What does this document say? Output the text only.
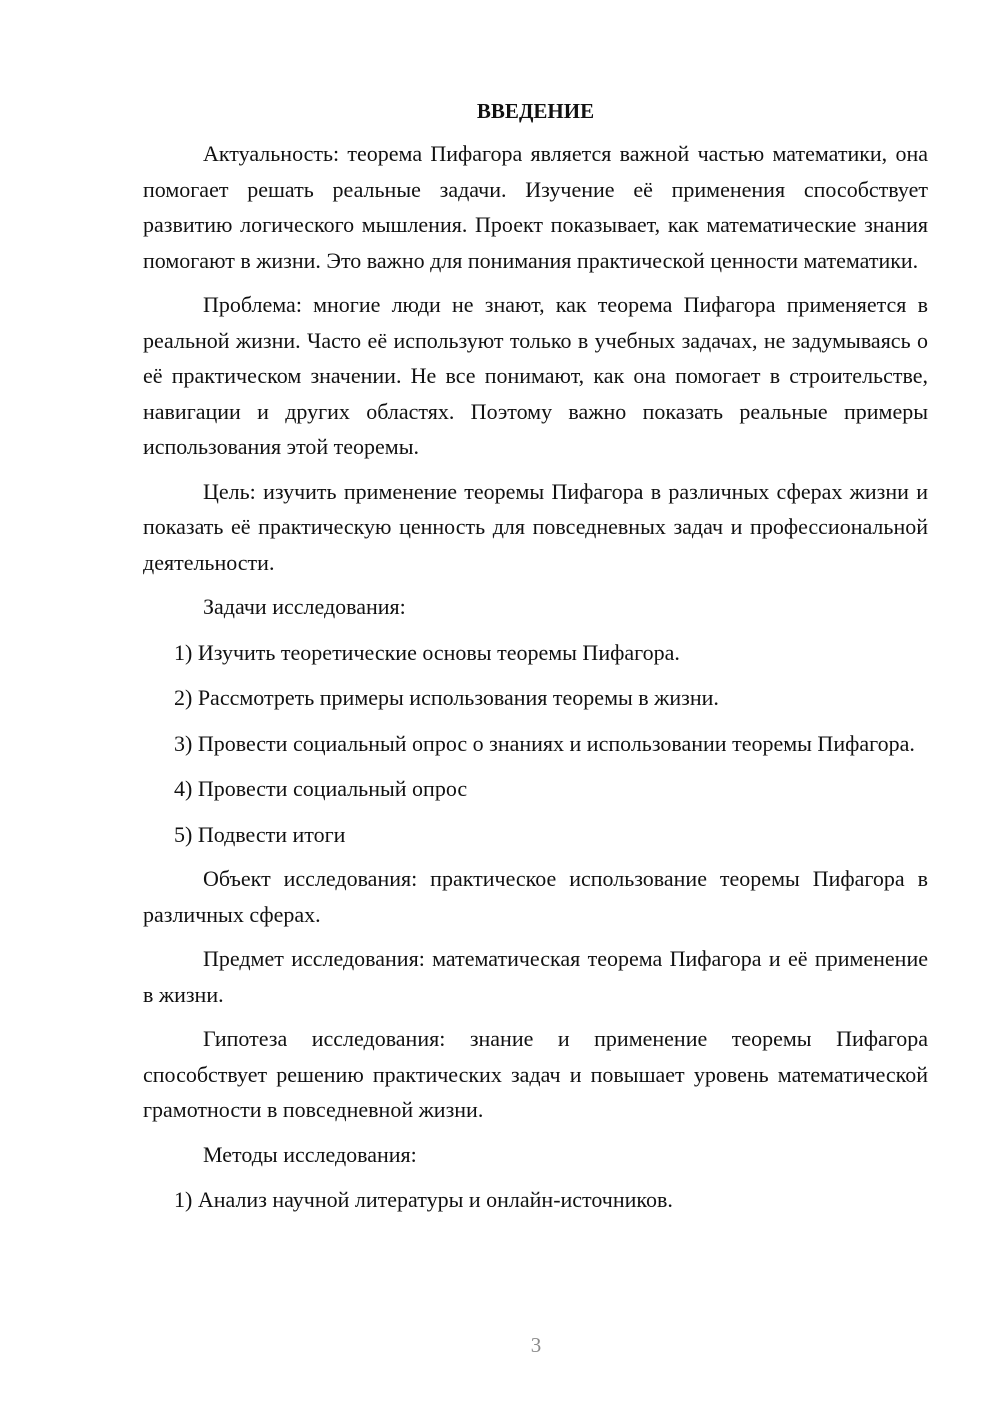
ВВЕДЕНИЕ

Актуальность: теорема Пифагора является важной частью математики, она помогает решать реальные задачи. Изучение её применения способствует развитию логического мышления. Проект показывает, как математические знания помогают в жизни. Это важно для понимания практической ценности математики.

Проблема: многие люди не знают, как теорема Пифагора применяется в реальной жизни. Часто её используют только в учебных задачах, не задумываясь о её практическом значении. Не все понимают, как она помогает в строительстве, навигации и других областях. Поэтому важно показать реальные примеры использования этой теоремы.

Цель: изучить применение теоремы Пифагора в различных сферах жизни и показать её практическую ценность для повседневных задач и профессиональной деятельности.

Задачи исследования:

1) Изучить теоретические основы теоремы Пифагора.

2) Рассмотреть примеры использования теоремы в жизни.

3) Провести социальный опрос о знаниях и использовании теоремы Пифагора.

4) Провести социальный опрос

5) Подвести итоги

Объект исследования: практическое использование теоремы Пифагора в различных сферах.

Предмет исследования: математическая теорема Пифагора и её применение в жизни.

Гипотеза исследования: знание и применение теоремы Пифагора способствует решению практических задач и повышает уровень математической грамотности в повседневной жизни.

Методы исследования:

1) Анализ научной литературы и онлайн-источников.

3
